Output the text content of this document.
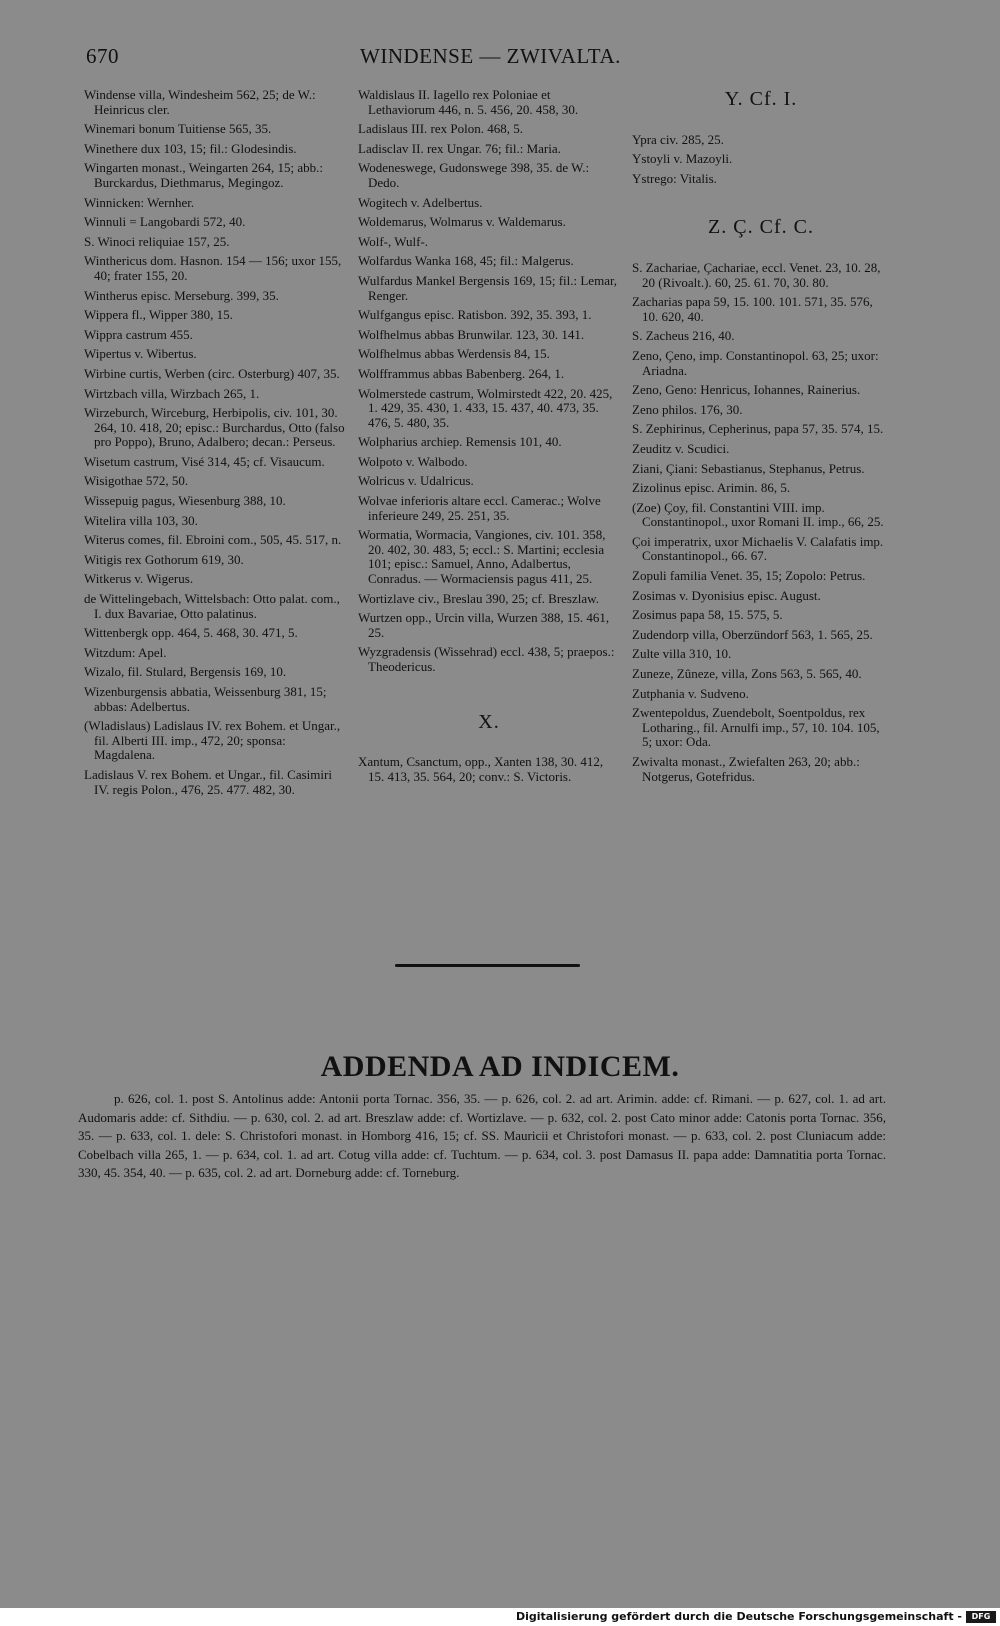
670	WINDENSE — ZWIVALTA.
Windense villa, Windesheim 562, 25; de W.: Heinricus cler.
Winemari bonum Tuitiense 565, 35.
Winethere dux 103, 15; fil.: Glodesindis.
Wingarten monast., Weingarten 264, 15; abb.: Burckardus, Diethmarus, Megingoz.
Winnicken: Wernher.
Winnuli = Langobardi 572, 40.
S. Winoci reliquiae 157, 25.
Winthericus dom. Hasnon. 154 — 156; uxor 155, 40; frater 155, 20.
Wintherus episc. Merseburg. 399, 35.
Wippera fl., Wipper 380, 15.
Wippra castrum 455.
Wipertus v. Wibertus.
Wirbine curtis, Werben (circ. Osterburg) 407, 35.
Wirtzbach villa, Wirzbach 265, 1.
Wirzeburch, Wirceburg, Herbipolis, civ. 101, 30. 264, 10. 418, 20; episc.: Burchardus, Otto (falso pro Poppo), Bruno, Adalbero; decan.: Perseus.
Wisetum castrum, Visé 314, 45; cf. Visaucum.
Wisigothae 572, 50.
Wissepuig pagus, Wiesenburg 388, 10.
Witelira villa 103, 30.
Witerus comes, fil. Ebroini com., 505, 45. 517, n.
Witigis rex Gothorum 619, 30.
Witkerus v. Wigerus.
de Wittelingebach, Wittelsbach: Otto palat. com., I. dux Bavariae, Otto palatinus.
Wittenbergk opp. 464, 5. 468, 30. 471, 5.
Witzdum: Apel.
Wizalo, fil. Stulard, Bergensis 169, 10.
Wizenburgensis abbatia, Weissenburg 381, 15; abbas: Adelbertus.
(Wladislaus) Ladislaus IV. rex Bohem. et Ungar., fil. Alberti III. imp., 472, 20; sponsa: Magdalena.
Ladislaus V. rex Bohem. et Ungar., fil. Casimiri IV. regis Polon., 476, 25. 477. 482, 30.
Waldislaus II. Iagello rex Poloniae et Lethaviorum 446, n. 5. 456, 20. 458, 30.
Ladislaus III. rex Polon. 468, 5.
Ladisclav II. rex Ungar. 76; fil.: Maria.
Wodeneswege, Gudonswege 398, 35. de W.: Dedo.
Wogitech v. Adelbertus.
Woldemarus, Wolmarus v. Waldemarus.
Wolf-, Wulf-.
Wolfardus Wanka 168, 45; fil.: Malgerus.
Wulfardus Mankel Bergensis 169, 15; fil.: Lemar, Renger.
Wulfgangus episc. Ratisbon. 392, 35. 393, 1.
Wolfhelmus abbas Brunwilar. 123, 30. 141.
Wolfhelmus abbas Werdensis 84, 15.
Wolfframmus abbas Babenberg. 264, 1.
Wolmerstede castrum, Wolmirstedt 422, 20. 425, 1. 429, 35. 430, 1. 433, 15. 437, 40. 473, 35. 476, 5. 480, 35.
Wolpharius archiep. Remensis 101, 40.
Wolpoto v. Walbodo.
Wolricus v. Udalricus.
Wolvae inferioris altare eccl. Camerac.; Wolve inferieure 249, 25. 251, 35.
Wormatia, Wormacia, Vangiones, civ. 101. 358, 20. 402, 30. 483, 5; eccl.: S. Martini; ecclesia 101; episc.: Samuel, Anno, Adalbertus, Conradus. — Wormaciensis pagus 411, 25.
Wortizlave civ., Breslau 390, 25; cf. Breszlaw.
Wurtzen opp., Urcin villa, Wurzen 388, 15. 461, 25.
Wyzgradensis (Wissehrad) eccl. 438, 5; praepos.: Theodericus.
X.
Xantum, Csanctum, opp., Xanten 138, 30. 412, 15. 413, 35. 564, 20; conv.: S. Victoris.
Y. Cf. I.
Ypra civ. 285, 25.
Ystoyli v. Mazoyli.
Ystrego: Vitalis.
Z. Ç. Cf. C.
S. Zachariae, Çachariae, eccl. Venet. 23, 10. 28, 20 (Rivoalt.). 60, 25. 61. 70, 30. 80.
Zacharias papa 59, 15. 100. 101. 571, 35. 576, 10. 620, 40.
S. Zacheus 216, 40.
Zeno, Çeno, imp. Constantinopol. 63, 25; uxor: Ariadna.
Zeno, Geno: Henricus, Iohannes, Rainerius.
Zeno philos. 176, 30.
S. Zephirinus, Cepherinus, papa 57, 35. 574, 15.
Zeuditz v. Scudici.
Ziani, Çiani: Sebastianus, Stephanus, Petrus.
Zizolinus episc. Arimin. 86, 5.
(Zoe) Çoy, fil. Constantini VIII. imp. Constantinopol., uxor Romani II. imp., 66, 25.
Çoi imperatrix, uxor Michaelis V. Calafatis imp. Constantinopol., 66. 67.
Zopuli familia Venet. 35, 15; Zopolo: Petrus.
Zosimas v. Dyonisius episc. August.
Zosimus papa 58, 15. 575, 5.
Zudendorp villa, Oberzündorf 563, 1. 565, 25.
Zulte villa 310, 10.
Zuneze, Zûneze, villa, Zons 563, 5. 565, 40.
Zutphania v. Sudveno.
Zwentepoldus, Zuendebolt, Soentpoldus, rex Lotharing., fil. Arnulfi imp., 57, 10. 104. 105, 5; uxor: Oda.
Zwivalta monast., Zwiefalten 263, 20; abb.: Notgerus, Gotefridus.
ADDENDA AD INDICEM.
p. 626, col. 1. post S. Antolinus adde: Antonii porta Tornac. 356, 35. — p. 626, col. 2. ad art. Arimin. adde: cf. Rimani. — p. 627, col. 1. ad art. Audomaris adde: cf. Sithdiu. — p. 630, col. 2. ad art. Breszlaw adde: cf. Wortizlave. — p. 632, col. 2. post Cato minor adde: Catonis porta Tornac. 356, 35. — p. 633, col. 1. dele: S. Christofori monast. in Homborg 416, 15; cf. SS. Mauricii et Christofori monast. — p. 633, col. 2. post Cluniacum adde: Cobelbach villa 265, 1. — p. 634, col. 1. ad art. Cotug villa adde: cf. Tuchtum. — p. 634, col. 3. post Damasus II. papa adde: Damnatitia porta Tornac. 330, 45. 354, 40. — p. 635, col. 2. ad art. Dorneburg adde: cf. Torneburg.
Digitalisierung gefördert durch die Deutsche Forschungsgemeinschaft -	DFG
